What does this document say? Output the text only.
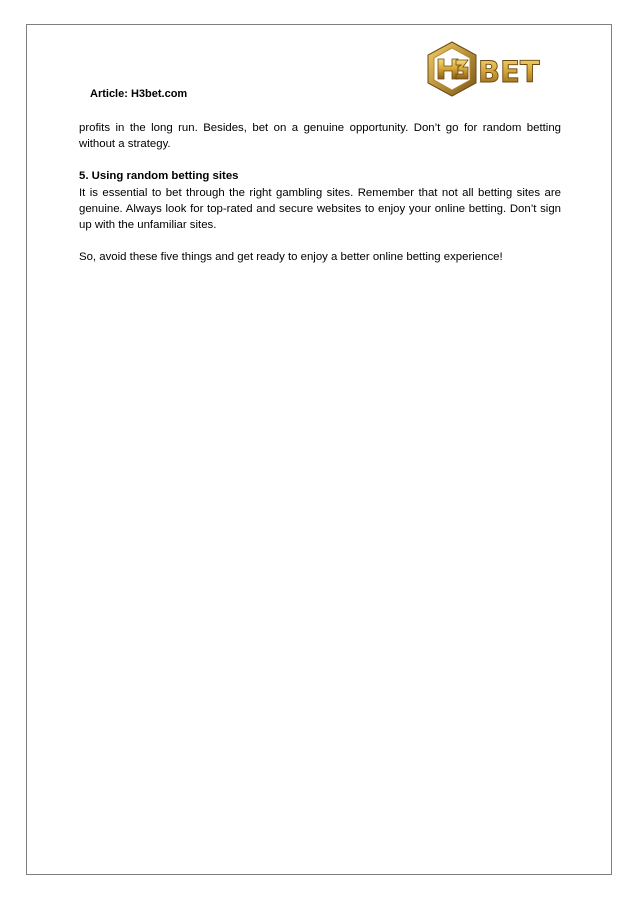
Article: H3bet.com
BET

profits in the long run. Besides, bet on a genuine opportunity. Don’t go for random betting without a strategy.

5. Using random betting sites

It is essential to bet through the right gambling sites. Remember that not all betting sites are genuine. Always look for top-rated and secure websites to enjoy your online betting. Don’t sign up with the unfamiliar sites.

So, avoid these five things and get ready to enjoy a better online betting experience!
